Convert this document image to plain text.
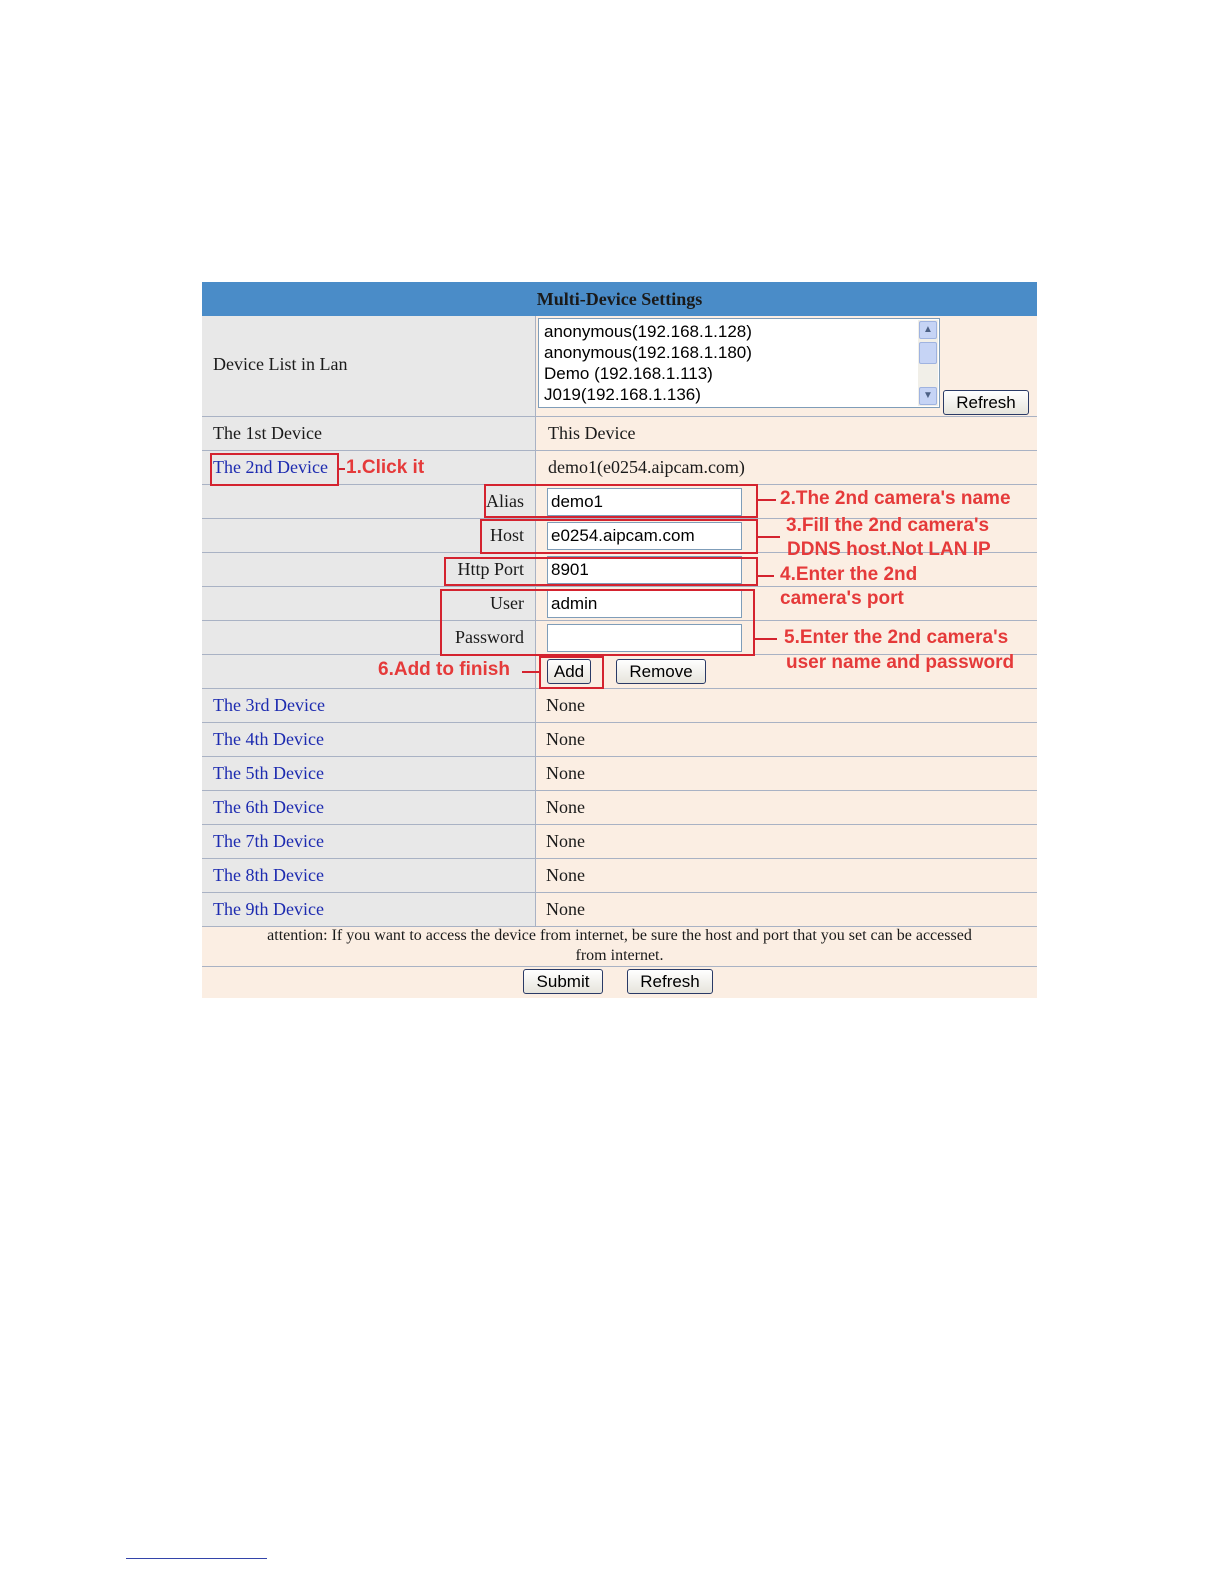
Multi-Device Settings
Device List in Lan
anonymous(192.168.1.128)
anonymous(192.168.1.180)
Demo (192.168.1.113)
J019(192.168.1.136)
▲
▼	Refresh
The 1st Device	This Device
The 2nd Device	demo1(e0254.aipcam.com)
Alias demo1
Host e0254.aipcam.com
Http Port 8901
User admin
Password
Add	Remove
The 3rd Device	None
The 4th Device	None
The 5th Device	None
The 6th Device	None
The 7th Device	None
The 8th Device	None
The 9th Device	None
attention: If you want to access the device from internet, be sure the host and port that you set can be accessed
from internet.
Submit	Refresh
1.Click it
2.The 2nd camera's name
3.Fill the 2nd camera's
DDNS host.Not LAN IP
4.Enter the 2nd
camera's port
5.Enter the 2nd camera's
user name and password
6.Add to finish
